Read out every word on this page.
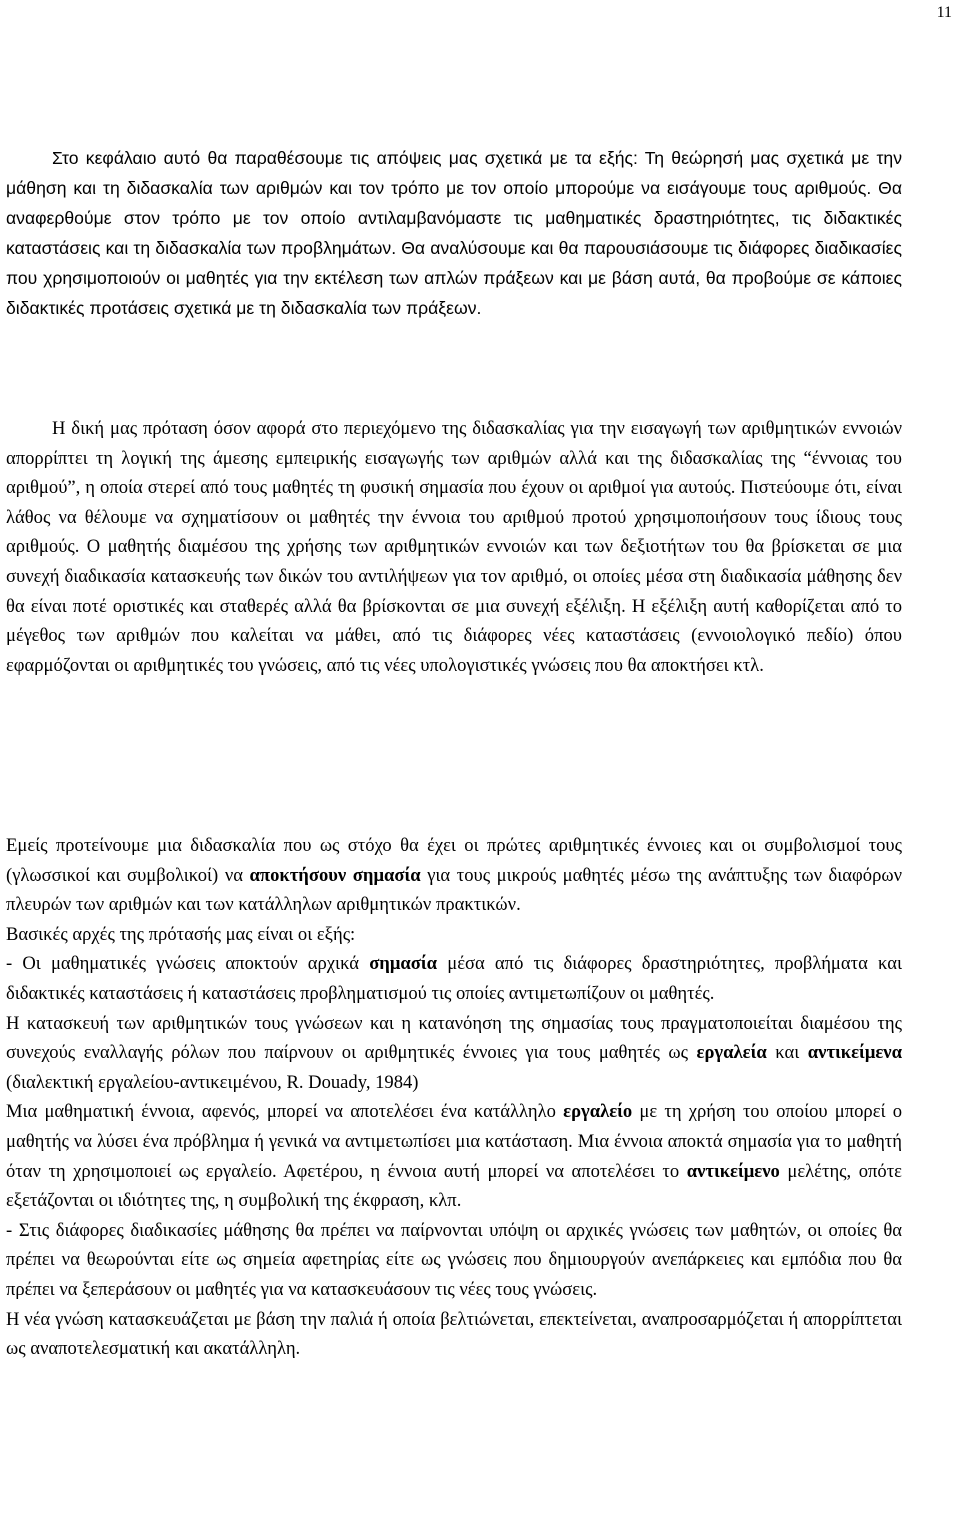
11

Στο κεφάλαιο αυτό θα παραθέσουμε τις απόψεις μας σχετικά με τα εξής: Τη θεώρησή μας σχετικά με την μάθηση και τη διδασκαλία των αριθμών και τον τρόπο με τον οποίο μπορούμε να εισάγουμε τους αριθμούς. Θα αναφερθούμε στον τρόπο με τον οποίο αντιλαμβανόμαστε τις μαθηματικές δραστηριότητες, τις διδακτικές καταστάσεις και τη διδασκαλία των προβλημάτων. Θα αναλύσουμε και θα παρουσιάσουμε τις διάφορες διαδικασίες που χρησιμοποιούν οι μαθητές για την εκτέλεση των απλών πράξεων και με βάση αυτά, θα προβούμε σε κάποιες διδακτικές προτάσεις σχετικά με τη διδασκαλία των πράξεων.

Η δική μας πρόταση όσον αφορά στο περιεχόμενο της διδασκαλίας για την εισαγωγή των αριθμητικών εννοιών απορρίπτει τη λογική της άμεσης εμπειρικής εισαγωγής των αριθμών αλλά και της διδασκαλίας της “έννοιας του αριθμού”, η οποία στερεί από τους μαθητές τη φυσική σημασία που έχουν οι αριθμοί για αυτούς. Πιστεύουμε ότι, είναι λάθος να θέλουμε να σχηματίσουν οι μαθητές την έννοια του αριθμού προτού χρησιμοποιήσουν τους ίδιους τους αριθμούς. Ο μαθητής διαμέσου της χρήσης των αριθμητικών εννοιών και των δεξιοτήτων του θα βρίσκεται σε μια συνεχή διαδικασία κατασκευής των δικών του αντιλήψεων για τον αριθμό, οι οποίες μέσα στη διαδικασία μάθησης δεν θα είναι ποτέ οριστικές και σταθερές αλλά θα βρίσκονται σε μια συνεχή εξέλιξη. Η εξέλιξη αυτή καθορίζεται από το μέγεθος των αριθμών που καλείται να μάθει, από τις διάφορες νέες καταστάσεις (εννοιολογικό πεδίο) όπου εφαρμόζονται οι αριθμητικές του γνώσεις, από τις νέες υπολογιστικές γνώσεις που θα αποκτήσει κτλ.

Εμείς προτείνουμε μια διδασκαλία που ως στόχο θα έχει οι πρώτες αριθμητικές έννοιες και οι συμβολισμοί τους (γλωσσικοί και συμβολικοί) να αποκτήσουν σημασία για τους μικρούς μαθητές μέσω της ανάπτυξης των διαφόρων πλευρών των αριθμών και των κατάλληλων αριθμητικών πρακτικών.

Βασικές αρχές της πρότασής μας είναι οι εξής:

- Οι μαθηματικές γνώσεις αποκτούν αρχικά σημασία μέσα από τις διάφορες δραστηριότητες, προβλήματα και διδακτικές καταστάσεις ή καταστάσεις προβληματισμού τις οποίες αντιμετωπίζουν οι μαθητές.

Η κατασκευή των αριθμητικών τους γνώσεων και η κατανόηση της σημασίας τους πραγματοποιείται διαμέσου της συνεχούς εναλλαγής ρόλων που παίρνουν οι αριθμητικές έννοιες για τους μαθητές ως εργαλεία και αντικείμενα (διαλεκτική εργαλείου-αντικειμένου, R. Douady, 1984)

Μια μαθηματική έννοια, αφενός, μπορεί να αποτελέσει ένα κατάλληλο εργαλείο με τη χρήση του οποίου μπορεί ο μαθητής να λύσει ένα πρόβλημα ή γενικά να αντιμετωπίσει μια κατάσταση. Μια έννοια αποκτά σημασία για το μαθητή όταν τη χρησιμοποιεί ως εργαλείο. Αφετέρου, η έννοια αυτή μπορεί να αποτελέσει το αντικείμενο μελέτης, οπότε εξετάζονται οι ιδιότητες της, η συμβολική της έκφραση, κλπ.

- Στις διάφορες διαδικασίες μάθησης θα πρέπει να παίρνονται υπόψη οι αρχικές γνώσεις των μαθητών, οι οποίες θα πρέπει να θεωρούνται είτε ως σημεία αφετηρίας είτε ως γνώσεις που δημιουργούν ανεπάρκειες και εμπόδια που θα πρέπει να ξεπεράσουν οι μαθητές για να κατασκευάσουν τις νέες τους γνώσεις.

Η νέα γνώση κατασκευάζεται με βάση την παλιά ή οποία βελτιώνεται, επεκτείνεται, αναπροσαρμόζεται ή απορρίπτεται ως αναποτελεσματική και ακατάλληλη.
